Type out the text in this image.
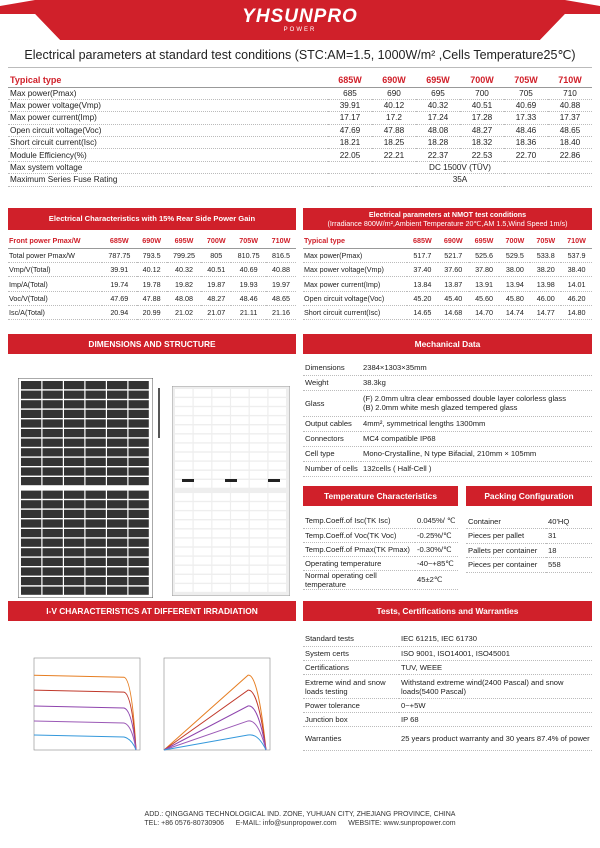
YHSUNPRO
POWER
Electrical parameters at standard test conditions (STC:AM=1.5, 1000W/m² ,Cells Temperature25℃)
Typical type	685W	690W	695W	700W	705W	710W
Max power(Pmax)	685	690	695	700	705	710
Max power voltage(Vmp)	39.91	40.12	40.32	40.51	40.69	40.88
Max power current(Imp)	17.17	17.2	17.24	17.28	17.33	17.37
Open circuit voltage(Voc)	47.69	47.88	48.08	48.27	48.46	48.65
Short circuit current(Isc)	18.21	18.25	18.28	18.32	18.36	18.40
Module Efficiency(%)	22.05	22.21	22.37	22.53	22.70	22.86
Max system voltage	DC 1500V (TÜV)					
Maximum Series Fuse Rating	35A					
Electrical Characteristics with 15% Rear Side Power Gain
Front power Pmax/W	685W	690W	695W	700W	705W	710W
Total power Pmax/W	787.75	793.5	799.25	805	810.75	816.5
Vmp/V(Total)	39.91	40.12	40.32	40.51	40.69	40.88
Imp/A(Total)	19.74	19.78	19.82	19.87	19.93	19.97
Voc/V(Total)	47.69	47.88	48.08	48.27	48.46	48.65
Isc/A(Total)	20.94	20.99	21.02	21.07	21.11	21.16
Electrical parameters at NMOT test conditions
(Irradiance 800W/m²,Ambient Temperature 20℃,AM 1.5,Wind Speed 1m/s)
Typical type	685W	690W	695W	700W	705W	710W
Max power(Pmax)	517.7	521.7	525.6	529.5	533.8	537.9
Max power voltage(Vmp)	37.40	37.60	37.80	38.00	38.20	38.40
Max power current(Imp)	13.84	13.87	13.91	13.94	13.98	14.01
Open circuit voltage(Voc)	45.20	45.40	45.60	45.80	46.00	46.20
Short circuit current(Isc)	14.65	14.68	14.70	14.74	14.77	14.80
DIMENSIONS AND STRUCTURE	Mechanical Data
Dimensions	2384×1303×35mm
Weight	38.3kg
Glass	(F) 2.0mm ultra clear embossed double layer colorless glass
(B) 2.0mm white mesh glazed tempered glass
Output cables	4mm², symmetrical lengths 1300mm
Connectors	MC4 compatible IP68
Cell type	Mono-Crystalline, N type Bifacial, 210mm × 105mm
Number of cells	132cells ( Half-Cell )
Temperature Characteristics
Temp.Coeff.of Isc(TK Isc)	0.045%/ ℃
Temp.Coeff.of Voc(TK Voc)	-0.25%/℃
Temp.Coeff.of Pmax(TK Pmax)	-0.30%/℃
Operating temperature	-40~+85℃
Normal operating cell temperature	45±2℃
Packing Configuration
Container	40'HQ
Pieces per pallet	31
Pallets per container	18
Pieces per container	558
I-V CHARACTERISTICS AT DIFFERENT IRRADIATION	Tests, Certifications and Warranties
Standard tests	IEC 61215, IEC 61730
System certs	ISO 9001, ISO14001, ISO45001
Certifications	TUV, WEEE
Extreme wind and snow loads testing	Withstand extreme wind(2400 Pascal) and snow loads(5400 Pascal)
Power tolerance	0~+5W
Junction box	IP 68
Warranties	25 years product warranty and 30 years 87.4% of power
ADD.: QINGGANG TECHNOLOGICAL IND. ZONE, YUHUAN CITY, ZHEJIANG PROVINCE, CHINA
TEL: +86 0576-80730906 E-MAIL: info@sunpropower.com WEBSITE: www.sunpropower.com
